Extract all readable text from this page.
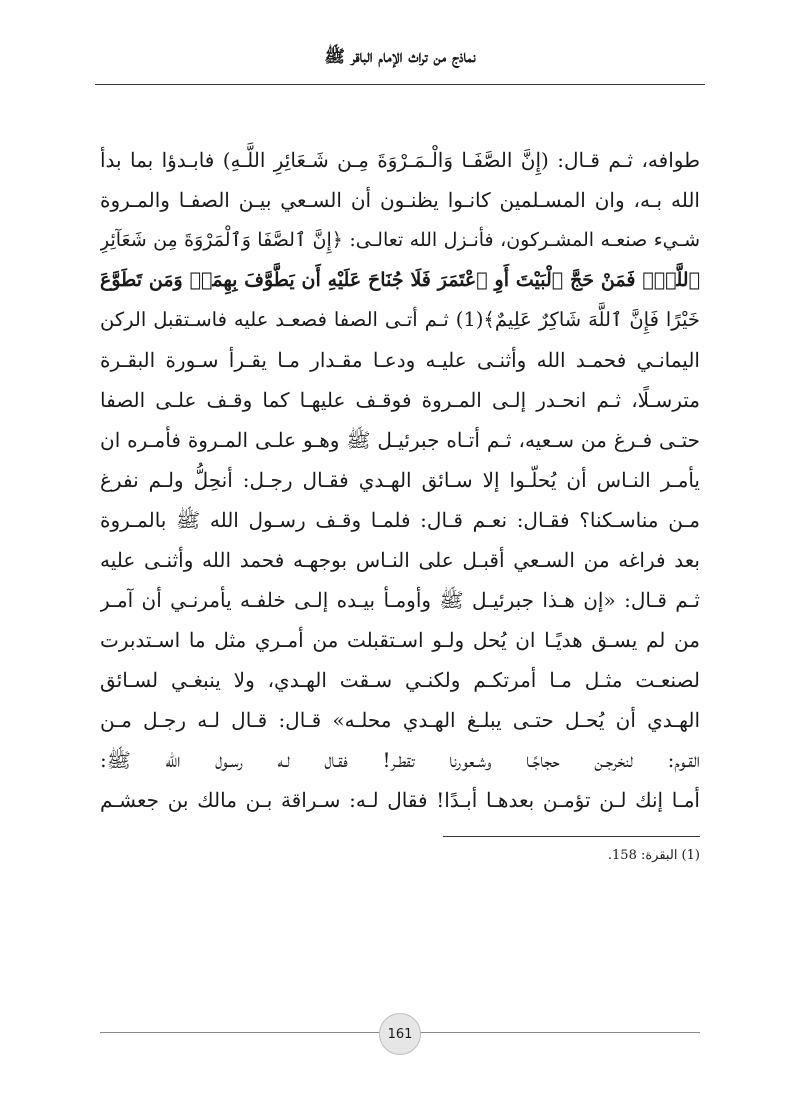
نماذج من تراث الإمام الباقر ﷺ
طوافه، ثـم قـال: (إِنَّ الصَّفَـا وَالْـمَـرْوَةَ مِـن شَـعَائِرِ اللَّـهِ) فابـدؤا بما بدأ
الله بـه، وان المسـلمين كانـوا يظنـون أن السـعي بيـن الصفـا والمـروة
شـيء صنعـه المشـركون، فأنـزل الله تعالـى: ﴿إِنَّ ٱلصَّفَا وَٱلْمَرْوَةَ مِن شَعَآئِرِ
ٱللَّهِۖ فَمَنْ حَجَّ ٱلْبَيْتَ أَوِ ٱعْتَمَرَ فَلَا جُنَاحَ عَلَيْهِ أَن يَطَّوَّفَ بِهِمَاۚ وَمَن تَطَوَّعَ
خَيْرًا فَإِنَّ ٱللَّهَ شَاكِرٌ عَلِيمٌ﴾(1) ثـم أتـى الصفا فصعـد عليه فاسـتقبل الركن
اليمانـي فحمـد الله وأثنـى عليـه ودعـا مقـدار مـا يقـرأ سـورة البقـرة
مترسـلًا، ثـم انحـدر إلـى المـروة فوقـف عليهـا كما وقـف علـى الصفا
حتـى فـرغ من سـعيه، ثـم أتـاه جبرئيـل ﷺ وهـو علـى المـروة فأمـره ان
يأمـر النـاس أن يُحلّـوا إلا سـائق الهـدي فقـال رجـل: أنحِلُّ ولـم نفرغ
مـن مناسـكنا؟ فقـال: نعـم قـال: فلمـا وقـف رسـول الله ﷺ بالمـروة
بعد فراغه من السـعي أقبـل على النـاس بوجهـه فحمد الله وأثنـى عليه
ثـم قـال: «إن هـذا جبرئيـل ﷺ وأومـأ بيـده إلـى خلفـه يأمرنـي أن آمـر
من لم يسـق هديًـا ان يُحل ولـو اسـتقبلت من أمـري مثل ما اسـتدبرت
لصنعـت مثـل مـا أمرتكـم ولكنـي سـقت الهـدي، ولا ينبغـي لسـائق
الهـدي أن يُحـل حتـى يبلـغ الهـدي محلـه» قـال: قـال لـه رجـل مـن
القـوم: لنخرجـن حجاجًـا وشـعورنا تقطـر! فقـال لـه رسـول الله ﷺ:
أمـا إنك لـن تؤمـن بعدهـا أبـدًا! فقال لـه: سـراقة بـن مالك بن جعشـم
(1) البقرة: 158.
161
